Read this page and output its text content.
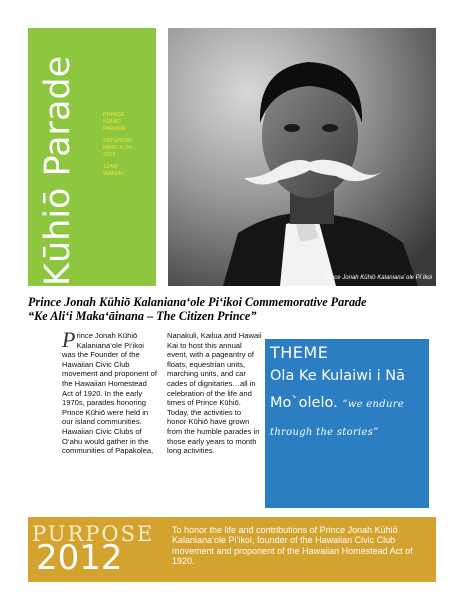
Kūhiō Parade	PRINCE
KŪHIŌ
PARADE
SATURDAY
MARCH 24,
2012
10AM
WAIKIKI
Prince Jonah Kūhiō Kalaniana`ole Pi`ikoi
Prince Jonah Kūhiō Kalanianaʻole Piʻikoi Commemorative Parade
“Ke Aliʻi Makaʻāinana – The Citizen Prince”
Prince Jonah Kūhiō Kalaniana‘ole Pi‘ikoi was the Founder of the Hawaiian Civic Club movement and proponent of the Hawaiian Homestead Act of 1920. In the early 1970s, parades honoring Prince Kūhiō were held in our island communities. Hawaiian Civic Clubs of O‘ahu would gather in the communities of Papakolea, Nanakuli, Kailua and Hawaii Kai to host this annual event, with a pageantry of floats, equestrian units, marching units, and car cades of dignitaries…all in celebration of the life and times of Prince Kūhiō. Today, the activities to honor Kūhiō have grown from the humble parades in those early years to month long activities.
THEME
Ola Ke Kulaiwi i Nā Mo`olelo. “we endure through the stories”
PURPOSE
2012
To honor the life and contributions of Prince Jonah Kūhiō Kalaniana‘ole Pi‘ikoi, founder of the Hawaiian Civic Club movement and proponent of the Hawaiian Homestead Act of 1920.
